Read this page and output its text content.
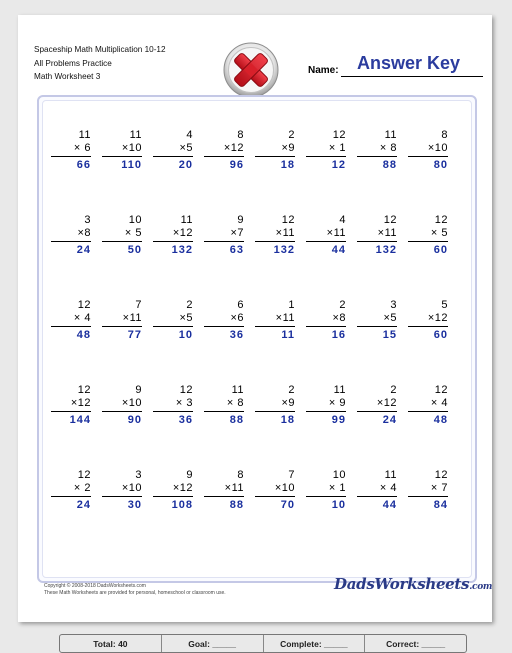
Spaceship Math Multiplication 10-12
All Problems Practice
Math Worksheet 3
Name:	Answer Key
11
× 6
66
11
×10
110
4
×5
20
8
×12
96
2
×9
18
12
× 1
12
11
× 8
88
8
×10
80
3
×8
24
10
× 5
50
11
×12
132
9
×7
63
12
×11
132
4
×11
44
12
×11
132
12
× 5
60
12
× 4
48
7
×11
77
2
×5
10
6
×6
36
1
×11
11
2
×8
16
3
×5
15
5
×12
60
12
×12
144
9
×10
90
12
× 3
36
11
× 8
88
2
×9
18
11
× 9
99
2
×12
24
12
× 4
48
12
× 2
24
3
×10
30
9
×12
108
8
×11
88
7
×10
70
10
× 1
10
11
× 4
44
12
× 7
84
Total: 40	Goal: _____	Complete: _____	Correct: _____
Copyright © 2008-2018 DadsWorksheets.com
These Math Worksheets are provided for personal, homeschool or classroom use.	DadsWorksheets.com
